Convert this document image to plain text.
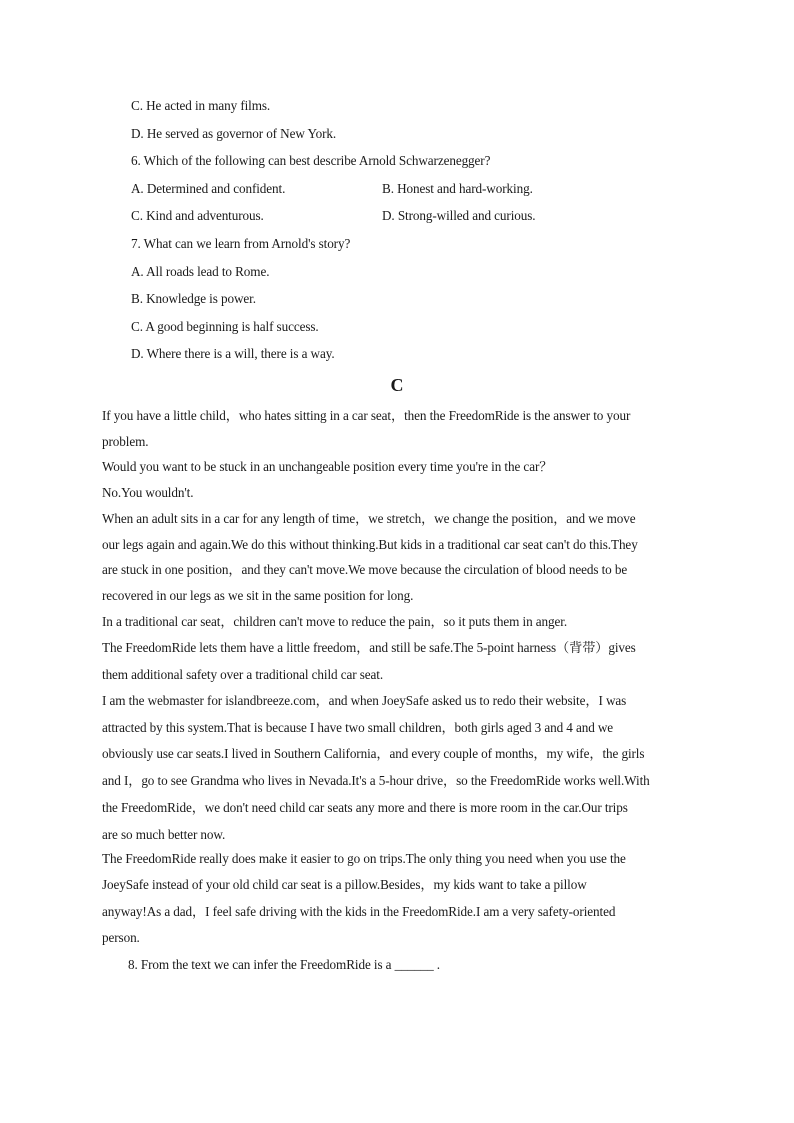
C. He acted in many films.
D. He served as governor of New York.
6. Which of the following can best describe Arnold Schwarzenegger?
A. Determined and confident.	B. Honest and hard-working.
C. Kind and adventurous.	D. Strong-willed and curious.
7. What can we learn from Arnold's story?
A. All roads lead to Rome.
B. Knowledge is power.
C. A good beginning is half success.
D. Where there is a will, there is a way.
C
If you have a little child，who hates sitting in a car seat，then the FreedomRide is the answer to your
problem.
Would you want to be stuck in an unchangeable position every time you're in the car？
No.You wouldn't.
When an adult sits in a car for any length of time，we stretch，we change the position，and we move
our legs again and again.We do this without thinking.But kids in a traditional car seat can't do this.They
are stuck in one position，and they can't move.We move because the circulation of blood needs to be
recovered in our legs as we sit in the same position for long.
In a traditional car seat，children can't move to reduce the pain，so it puts them in anger.
The FreedomRide lets them have a little freedom，and still be safe.The 5-point harness（背带）gives
them additional safety over a traditional child car seat.
I am the webmaster for islandbreeze.com，and when JoeySafe asked us to redo their website，I was
attracted by this system.That is because I have two small children，both girls aged 3 and 4 and we
obviously use car seats.I lived in Southern California，and every couple of months，my wife，the girls
and I，go to see Grandma who lives in Nevada.It's a 5-hour drive，so the FreedomRide works well.With
the FreedomRide，we don't need child car seats any more and there is more room in the car.Our trips
are so much better now.
The FreedomRide really does make it easier to go on trips.The only thing you need when you use the
JoeySafe instead of your old child car seat is a pillow.Besides，my kids want to take a pillow
anyway!As a dad，I feel safe driving with the kids in the FreedomRide.I am a very safety-oriented
person.
8. From the text we can infer the FreedomRide is a ______ .
